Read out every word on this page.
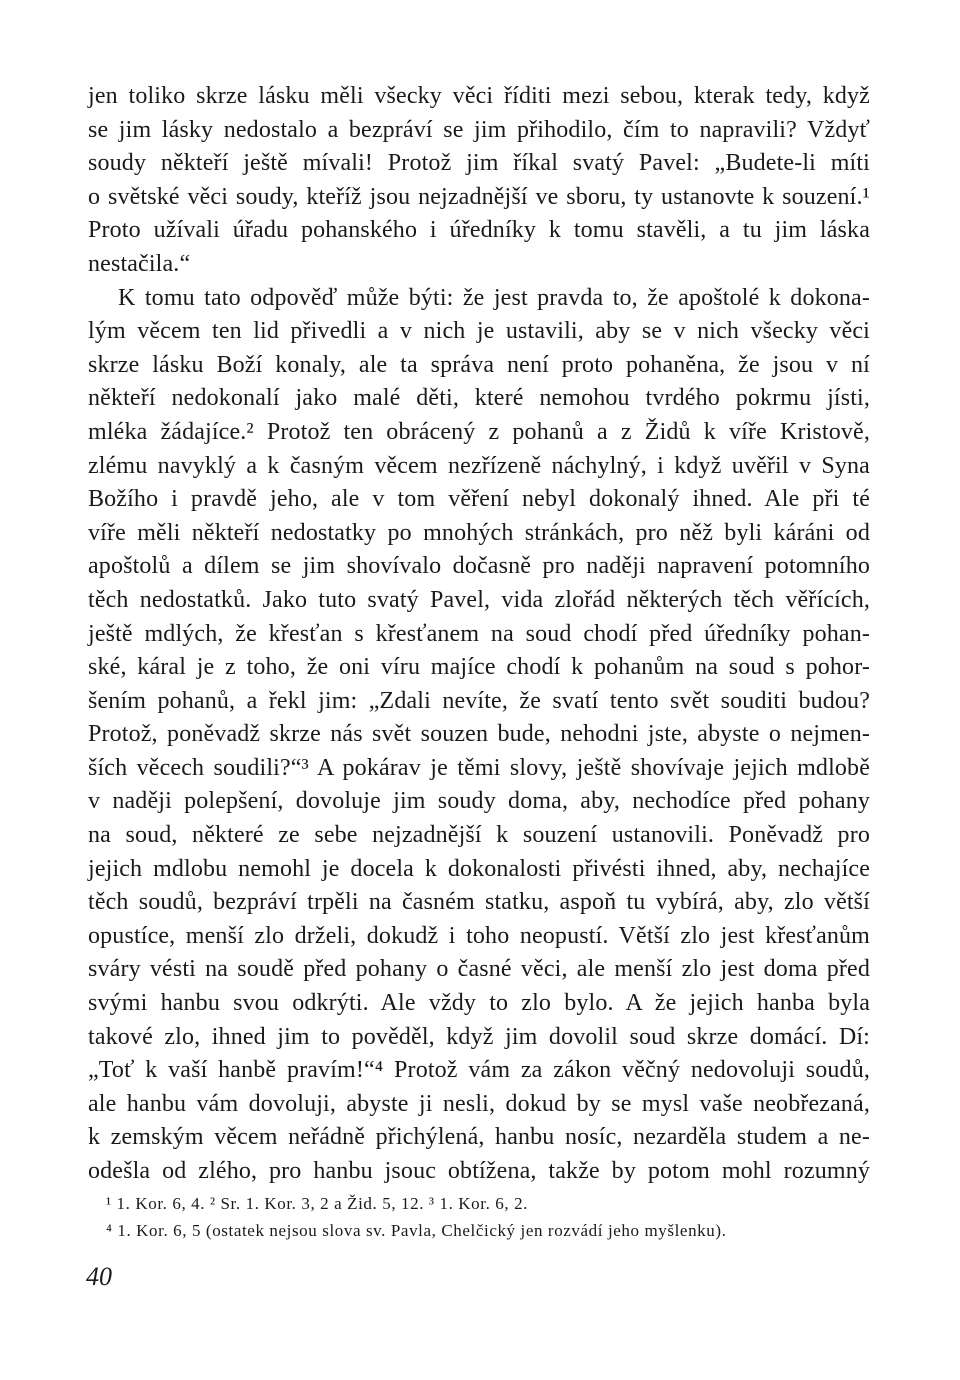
jen toliko skrze lásku měli všecky věci říditi mezi sebou, kterak tedy, když
se jim lásky nedostalo a bezpráví se jim přihodilo, čím to napravili? Vždyť
soudy někteří ještě mívali! Protož jim říkal svatý Pavel: „Budete-li míti
o světské věci soudy, kteříž jsou nejzadnější ve sboru, ty ustanovte k souzení.¹
Proto užívali úřadu pohanského i úředníky k tomu stavěli, a tu jim láska
nestačila.“
K tomu tato odpověď může býti: že jest pravda to, že apoštolé k dokona-
lým věcem ten lid přivedli a v nich je ustavili, aby se v nich všecky věci
skrze lásku Boží konaly, ale ta správa není proto pohaněna, že jsou v ní
někteří nedokonalí jako malé děti, které nemohou tvrdého pokrmu jísti,
mléka žádajíce.² Protož ten obrácený z pohanů a z Židů k víře Kristově,
zlému navyklý a k časným věcem nezřízeně náchylný, i když uvěřil v Syna
Božího i pravdě jeho, ale v tom věření nebyl dokonalý ihned. Ale při té
víře měli někteří nedostatky po mnohých stránkách, pro něž byli káráni od
apoštolů a dílem se jim shovívalo dočasně pro naději napravení potomního
těch nedostatků. Jako tuto svatý Pavel, vida zlořád některých těch věřících,
ještě mdlých, že křesťan s křesťanem na soud chodí před úředníky pohan-
ské, káral je z toho, že oni víru majíce chodí k pohanům na soud s pohor-
šením pohanů, a řekl jim: „Zdali nevíte, že svatí tento svět souditi budou?
Protož, poněvadž skrze nás svět souzen bude, nehodni jste, abyste o nejmen-
ších věcech soudili?“³ A pokárav je těmi slovy, ještě shovívaje jejich mdlobě
v naději polepšení, dovoluje jim soudy doma, aby, nechodíce před pohany
na soud, některé ze sebe nejzadnější k souzení ustanovili. Poněvadž pro
jejich mdlobu nemohl je docela k dokonalosti přivésti ihned, aby, nechajíce
těch soudů, bezpráví trpěli na časném statku, aspoň tu vybírá, aby, zlo větší
opustíce, menší zlo drželi, dokudž i toho neopustí. Větší zlo jest křesťanům
sváry vésti na soudě před pohany o časné věci, ale menší zlo jest doma před
svými hanbu svou odkrýti. Ale vždy to zlo bylo. A že jejich hanba byla
takové zlo, ihned jim to pověděl, když jim dovolil soud skrze domácí. Dí:
„Toť k vaší hanbě pravím!“⁴ Protož vám za zákon věčný nedovoluji soudů,
ale hanbu vám dovoluji, abyste ji nesli, dokud by se mysl vaše neobřezaná,
k zemským věcem neřádně přichýlená, hanbu nosíc, nezarděla studem a ne-
odešla od zlého, pro hanbu jsouc obtížena, takže by potom mohl rozumný
¹ 1. Kor. 6, 4. ² Sr. 1. Kor. 3, 2 a Žid. 5, 12. ³ 1. Kor. 6, 2.
⁴ 1. Kor. 6, 5 (ostatek nejsou slova sv. Pavla, Chelčický jen rozvádí jeho myšlenku).
40
